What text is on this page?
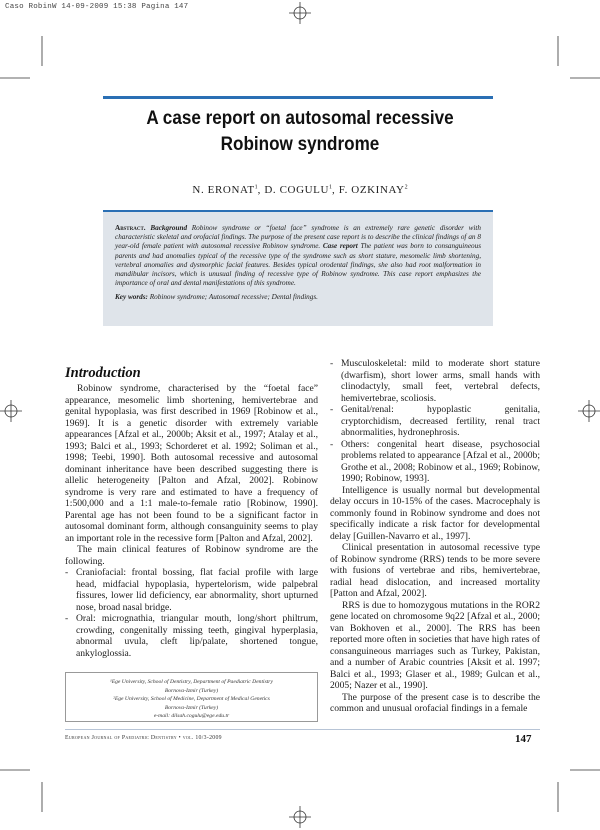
Caso RobinW 14-09-2009 15:38 Pagina 147
A case report on autosomal recessive
Robinow syndrome
N. ERONAT$^1$, D. COGULU$^1$, F. OZKINAY$^2$
Abstract. Background Robinow syndrome or “foetal face” syndrome is an extremely rare genetic disorder with characteristic skeletal and orofacial findings. The purpose of the present case report is to describe the clinical findings of an 8 year-old female patient with autosomal recessive Robinow syndrome. Case report The patient was born to consanguineous parents and had anomalies typical of the recessive type of the syndrome such as short stature, mesomelic limb shortening, vertebral anomalies and dysmorphic facial features. Besides typical orodental findings, she also had root malformation in mandibular incisors, which is unusual finding of recessive type of Robinow syndrome. This case report emphasizes the importance of oral and dental manifestations of this syndrome.
Key words: Robinow syndrome; Autosomal recessive; Dental findings.
Introduction

Robinow syndrome, characterised by the “foetal face” appearance, mesomelic limb shortening, hemivertebrae and genital hypoplasia, was first described in 1969 [Robinow et al., 1969]. It is a genetic disorder with extremely variable appearances [Afzal et al., 2000b; Aksit et al., 1997; Atalay et al., 1993; Balci et al., 1993; Schorderet et al. 1992; Soliman et al., 1998; Teebi, 1990]. Both autosomal recessive and autosomal dominant inheritance have been described suggesting there is allelic heterogeneity [Palton and Afzal, 2002]. Robinow syndrome is very rare and estimated to have a frequency of 1:500,000 and a 1:1 male-to-female ratio [Robinow, 1990]. Parental age has not been found to be a significant factor in autosomal dominant form, although consanguinity seems to play an important role in the recessive form [Palton and Afzal, 2002].

The main clinical features of Robinow syndrome are the following.

- Craniofacial: frontal bossing, flat facial profile with large head, midfacial hypoplasia, hypertelorism, wide palpebral fissures, lower lid deficiency, ear abnormality, short upturned nose, broad nasal bridge.
- Oral: micrognathia, triangular mouth, long/short philtrum, crowding, congenitally missing teeth, gingival hyperplasia, abnormal uvula, cleft lip/palate, shortened tongue, ankyloglossia.
- Musculoskeletal: mild to moderate short stature (dwarfism), short lower arms, small hands with clinodactyly, small feet, vertebral defects, hemivertebrae, scoliosis.
- Genital/renal: hypoplastic genitalia, cryptorchidism, decreased fertility, renal tract abnormalities, hydronephrosis.
- Others: congenital heart disease, psychosocial problems related to appearance [Afzal et al., 2000b; Grothe et al., 2008; Robinow et al., 1969; Robinow, 1990; Robinow, 1993].

Intelligence is usually normal but developmental delay occurs in 10-15% of the cases. Macrocephaly is commonly found in Robinow syndrome and does not specifically indicate a risk factor for developmental delay [Guillen-Navarro et al., 1997].

Clinical presentation in autosomal recessive type of Robinow syndrome (RRS) tends to be more severe with fusions of vertebrae and ribs, hemivertebrae, radial head dislocation, and increased mortality [Patton and Afzal, 2002].

RRS is due to homozygous mutations in the ROR2 gene located on chromosome 9q22 [Afzal et al., 2000; van Bokhoven et al., 2000]. The RRS has been reported more often in societies that have high rates of consanguineous marriages such as Turkey, Pakistan, and a number of Arabic countries [Aksit et al. 1997; Balci et al., 1993; Glaser et al., 1989; Gulcan et al., 2005; Nazer et al., 1990].

The purpose of the present case is to describe the common and unusual orofacial findings in a female

¹Ege University, School of Dentistry, Department of Paediatric Dentistry
Bornova-Izmir (Turkey)
²Ege University, School of Medicine, Department of Medical Genetics
Bornova-Izmir (Turkey)
e-mail: dilsah.cogulu@ege.edu.tr
European Journal of Paediatric Dentistry • vol. 10/3-2009	147
